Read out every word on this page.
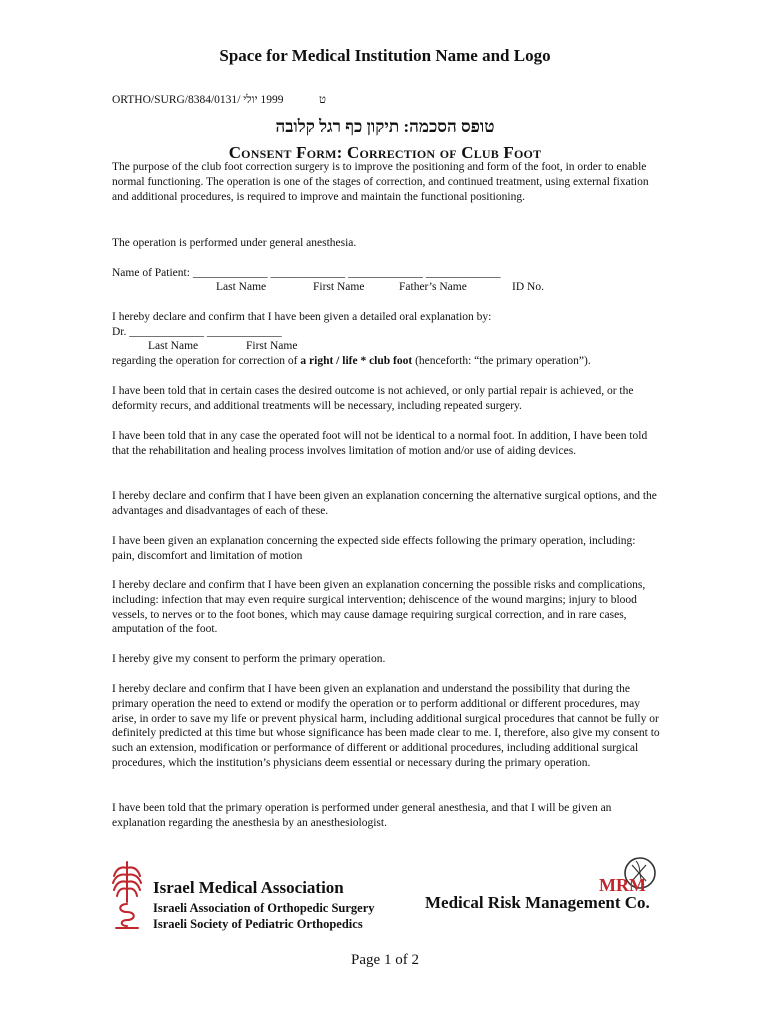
Space for Medical Institution Name and Logo
1999 יולי /ORTHO/SURG/8384/0131	ט
טופס הסכמה: תיקון כף רגל קלובה
Consent Form: Correction of Club Foot

The purpose of the club foot correction surgery is to improve the positioning and form of the foot, in order to enable normal functioning. The operation is one of the stages of correction, and continued treatment, using external fixation and additional procedures, is required to improve and maintain the functional positioning.

The operation is performed under general anesthesia.

Name of Patient: _____________ _____________ _____________ _____________
Last Name	First Name	Father’s Name	ID No.

I hereby declare and confirm that I have been given a detailed oral explanation by:

Dr. _____________ _____________
Last Name	First Name

regarding the operation for correction of a right / life * club foot (henceforth: “the primary operation”).

I have been told that in certain cases the desired outcome is not achieved, or only partial repair is achieved, or the deformity recurs, and additional treatments will be necessary, including repeated surgery.

I have been told that in any case the operated foot will not be identical to a normal foot. In addition, I have been told that the rehabilitation and healing process involves limitation of motion and/or use of aiding devices.

I hereby declare and confirm that I have been given an explanation concerning the alternative surgical options, and the advantages and disadvantages of each of these.

I have been given an explanation concerning the expected side effects following the primary operation, including: pain, discomfort and limitation of motion

I hereby declare and confirm that I have been given an explanation concerning the possible risks and complications, including: infection that may even require surgical intervention; dehiscence of the wound margins; injury to blood vessels, to nerves or to the foot bones, which may cause damage requiring surgical correction, and in rare cases, amputation of the foot.

I hereby give my consent to perform the primary operation.

I hereby declare and confirm that I have been given an explanation and understand the possibility that during the primary operation the need to extend or modify the operation or to perform additional or different procedures, may arise, in order to save my life or prevent physical harm, including additional surgical procedures that cannot be fully or definitely predicted at this time but whose significance has been made clear to me. I, therefore, also give my consent to such an extension, modification or performance of different or additional procedures, including additional surgical procedures, which the institution’s physicians deem essential or necessary during the primary operation.

I have been told that the primary operation is performed under general anesthesia, and that I will be given an explanation regarding the anesthesia by an anesthesiologist.

Israel Medical Association
Israeli Association of Orthopedic Surgery
Israeli Society of Pediatric Orthopedics
MRM
Medical Risk Management Co.
Page 1 of 2
